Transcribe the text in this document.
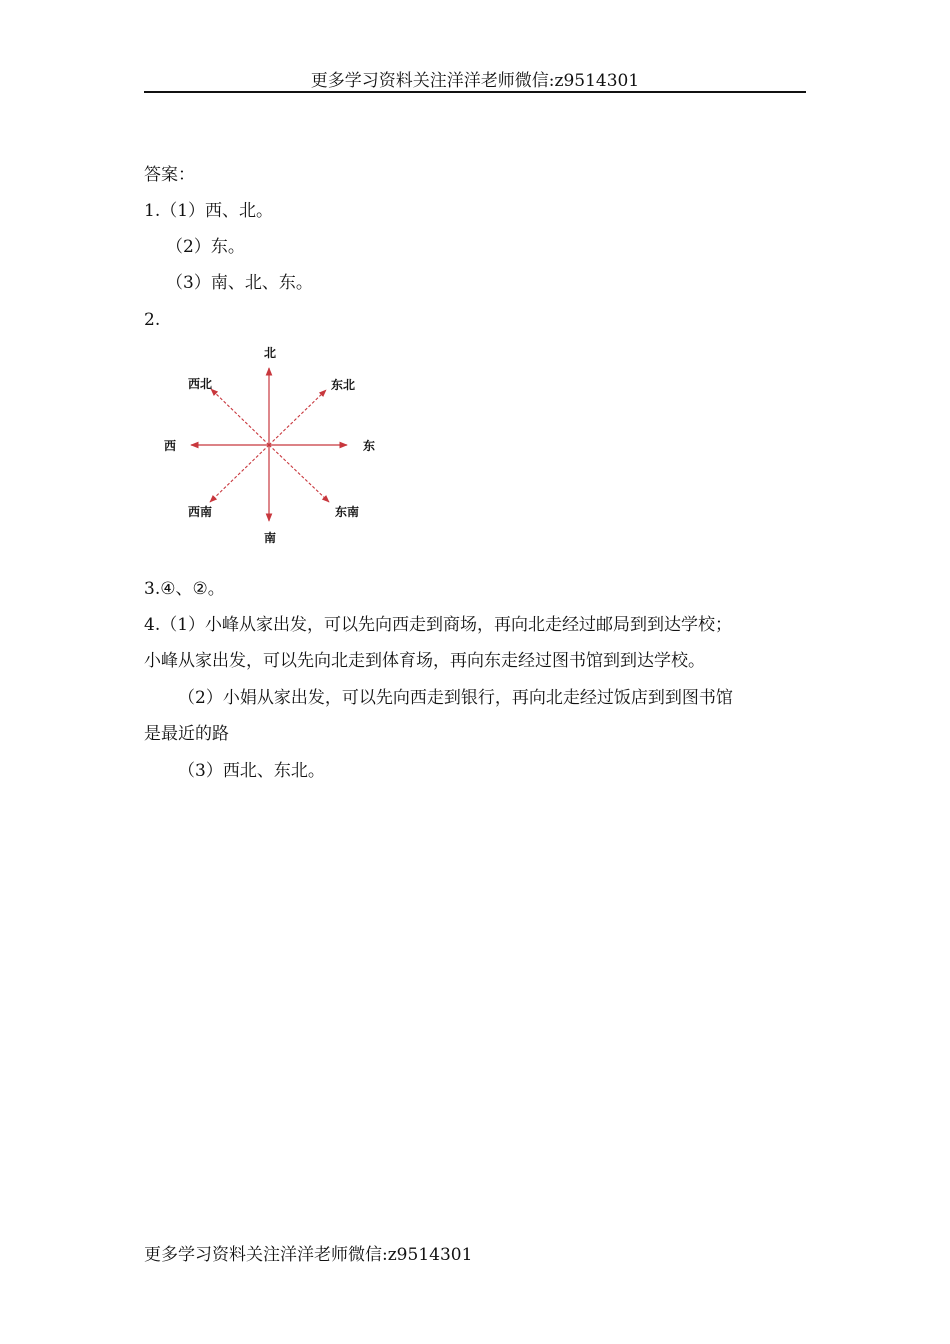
更多学习资料关注洋洋老师微信:z9514301
答案：
1.（1）西、北。
（2）东。
（3）南、北、东。
2.
北
南
东
西
东北
西北
东南
西南
3.④、②。
4.（1）小峰从家出发，可以先向西走到商场，再向北走经过邮局到到达学校；
小峰从家出发，可以先向北走到体育场，再向东走经过图书馆到到达学校。
（2）小娟从家出发，可以先向西走到银行，再向北走经过饭店到到图书馆
是最近的路
（3）西北、东北。
更多学习资料关注洋洋老师微信:z9514301
